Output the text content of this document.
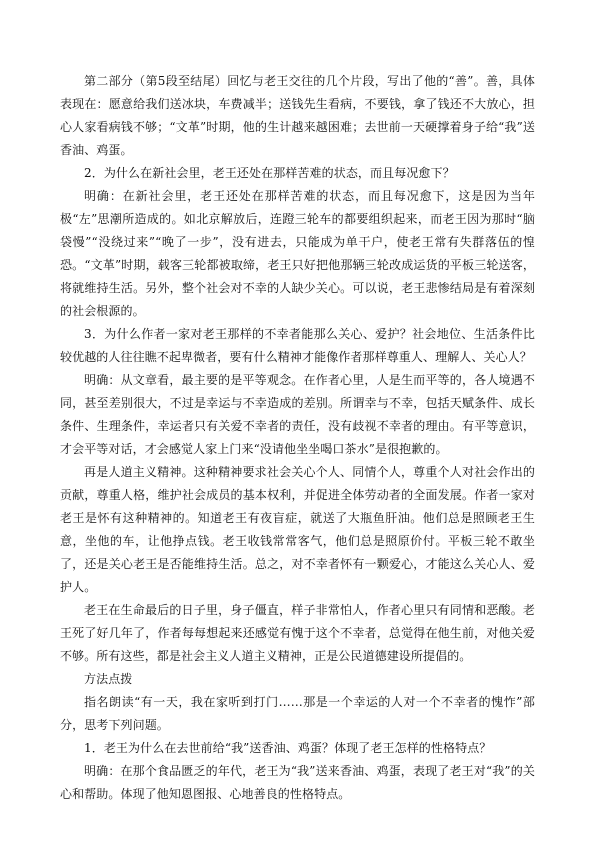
第二部分（第5段至结尾）回忆与老王交往的几个片段，写出了他的“善”。善，具体表现在：愿意给我们送冰块，车费减半；送钱先生看病，不要钱，拿了钱还不大放心，担心人家看病钱不够；“文革”时期，他的生计越来越困难；去世前一天硬撑着身子给“我”送香油、鸡蛋。

2．为什么在新社会里，老王还处在那样苦难的状态，而且每况愈下？

明确：在新社会里，老王还处在那样苦难的状态，而且每况愈下，这是因为当年极“左”思潮所造成的。如北京解放后，连蹬三轮车的都要组织起来，而老王因为那时“脑袋慢”“没绕过来”“晚了一步”，没有进去，只能成为单干户，使老王常有失群落伍的惶恐。“文革”时期，载客三轮都被取缔，老王只好把他那辆三轮改成运货的平板三轮送客，将就维持生活。另外，整个社会对不幸的人缺少关心。可以说，老王悲惨结局是有着深刻的社会根源的。

3．为什么作者一家对老王那样的不幸者能那么关心、爱护？社会地位、生活条件比较优越的人往往瞧不起卑微者，要有什么精神才能像作者那样尊重人、理解人、关心人？

明确：从文章看，最主要的是平等观念。在作者心里，人是生而平等的，各人境遇不同，甚至差别很大，不过是幸运与不幸造成的差别。所谓幸与不幸，包括天赋条件、成长条件、生理条件，幸运者只有关爱不幸者的责任，没有歧视不幸者的理由。有平等意识，才会平等对话，才会感觉人家上门来“没请他坐坐喝口茶水”是很抱歉的。

再是人道主义精神。这种精神要求社会关心个人、同情个人，尊重个人对社会作出的贡献，尊重人格，维护社会成员的基本权利，并促进全体劳动者的全面发展。作者一家对老王是怀有这种精神的。知道老王有夜盲症，就送了大瓶鱼肝油。他们总是照顾老王生意，坐他的车，让他挣点钱。老王收钱常常客气，他们总是照原价付。平板三轮不敢坐了，还是关心老王是否能维持生活。总之，对不幸者怀有一颗爱心，才能这么关心人、爱护人。

老王在生命最后的日子里，身子僵直，样子非常怕人，作者心里只有同情和恶酸。老王死了好几年了，作者每每想起来还感觉有愧于这个不幸者，总觉得在他生前，对他关爱不够。所有这些，都是社会主义人道主义精神，正是公民道德建设所提倡的。

方法点拨

指名朗读“有一天，我在家听到打门……那是一个幸运的人对一个不幸者的愧怍”部分，思考下列问题。

1．老王为什么在去世前给“我”送香油、鸡蛋？体现了老王怎样的性格特点？

明确：在那个食品匮乏的年代，老王为“我”送来香油、鸡蛋，表现了老王对“我”的关心和帮助。体现了他知恩图报、心地善良的性格特点。
